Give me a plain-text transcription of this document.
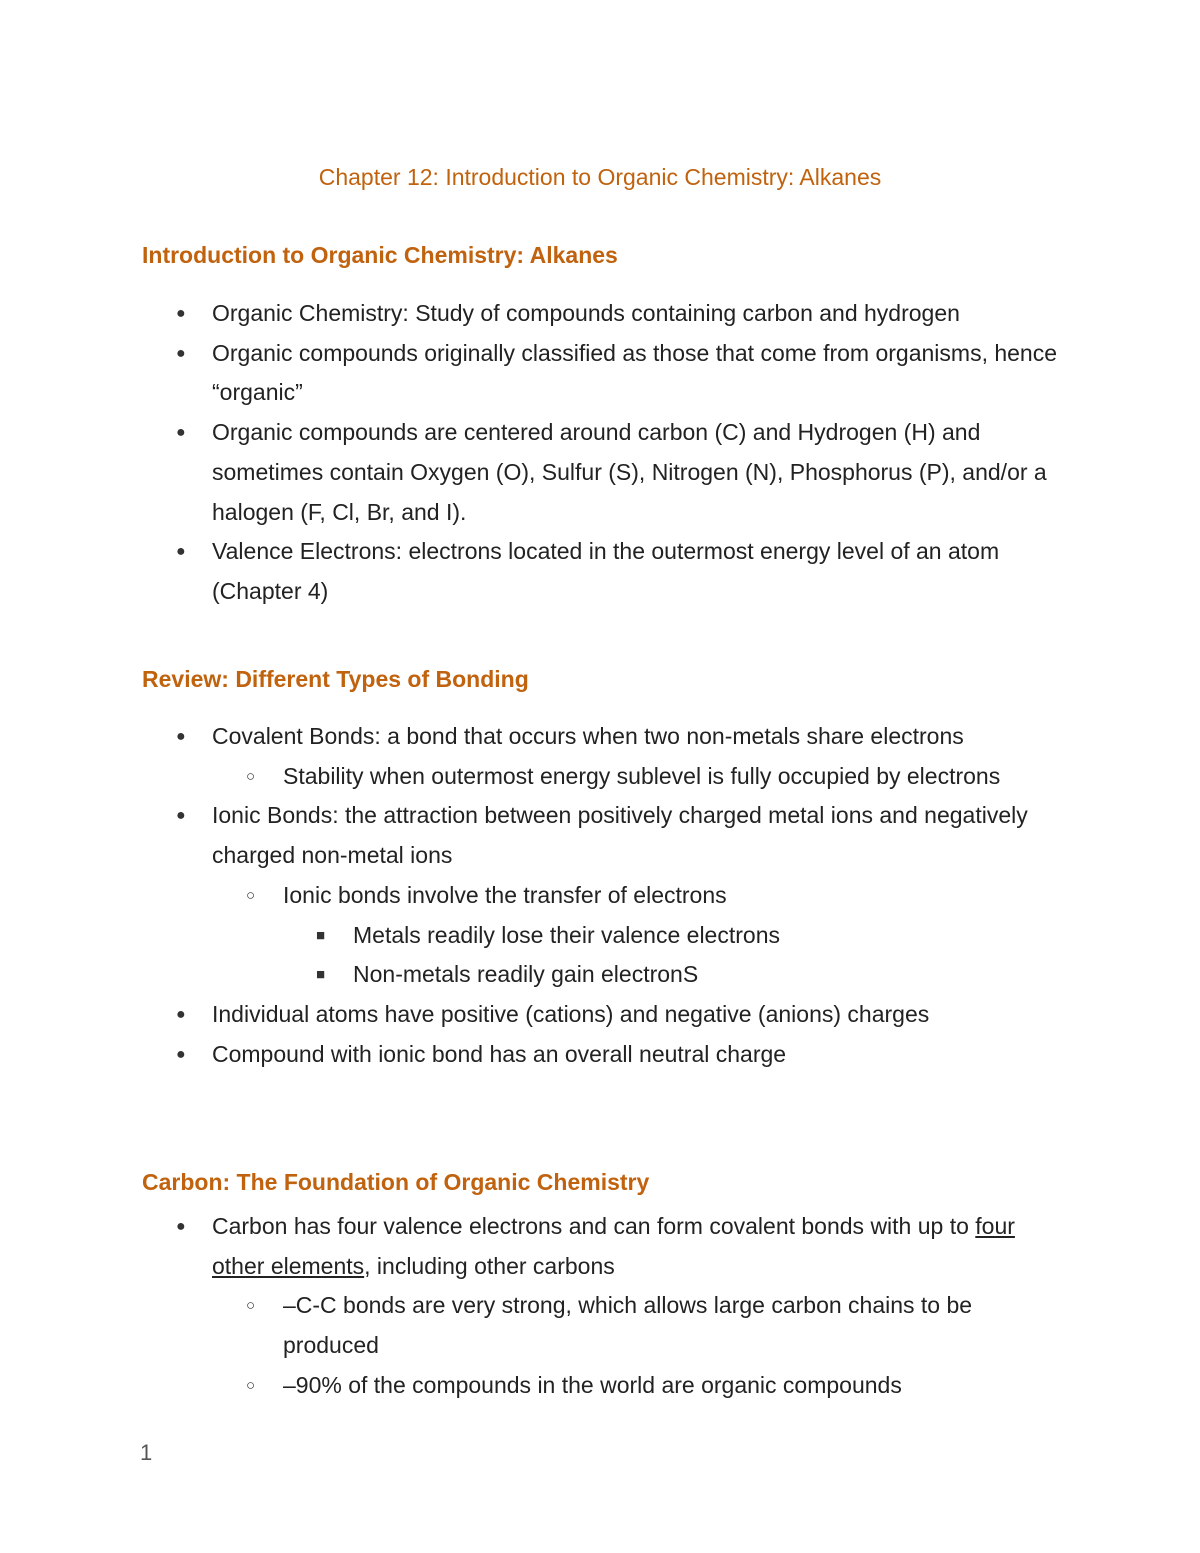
Chapter 12: Introduction to Organic Chemistry: Alkanes
Introduction to Organic Chemistry: Alkanes
● Organic Chemistry: Study of compounds containing carbon and hydrogen
● Organic compounds originally classified as those that come from organisms, hence “organic”
● Organic compounds are centered around carbon (C) and Hydrogen (H) and sometimes contain Oxygen (O), Sulfur (S), Nitrogen (N), Phosphorus (P), and/or a halogen (F, Cl, Br, and I).
● Valence Electrons: electrons located in the outermost energy level of an atom (Chapter 4)
Review: Different Types of Bonding
● Covalent Bonds: a bond that occurs when two non-metals share electrons
○ Stability when outermost energy sublevel is fully occupied by electrons
● Ionic Bonds: the attraction between positively charged metal ions and negatively charged non-metal ions
○ Ionic bonds involve the transfer of electrons
■ Metals readily lose their valence electrons
■ Non-metals readily gain electronS
● Individual atoms have positive (cations) and negative (anions) charges
● Compound with ionic bond has an overall neutral charge
Carbon: The Foundation of Organic Chemistry
● Carbon has four valence electrons and can form covalent bonds with up to four other elements, including other carbons
○ –C-C bonds are very strong, which allows large carbon chains to be produced
○ –90% of the compounds in the world are organic compounds
1
